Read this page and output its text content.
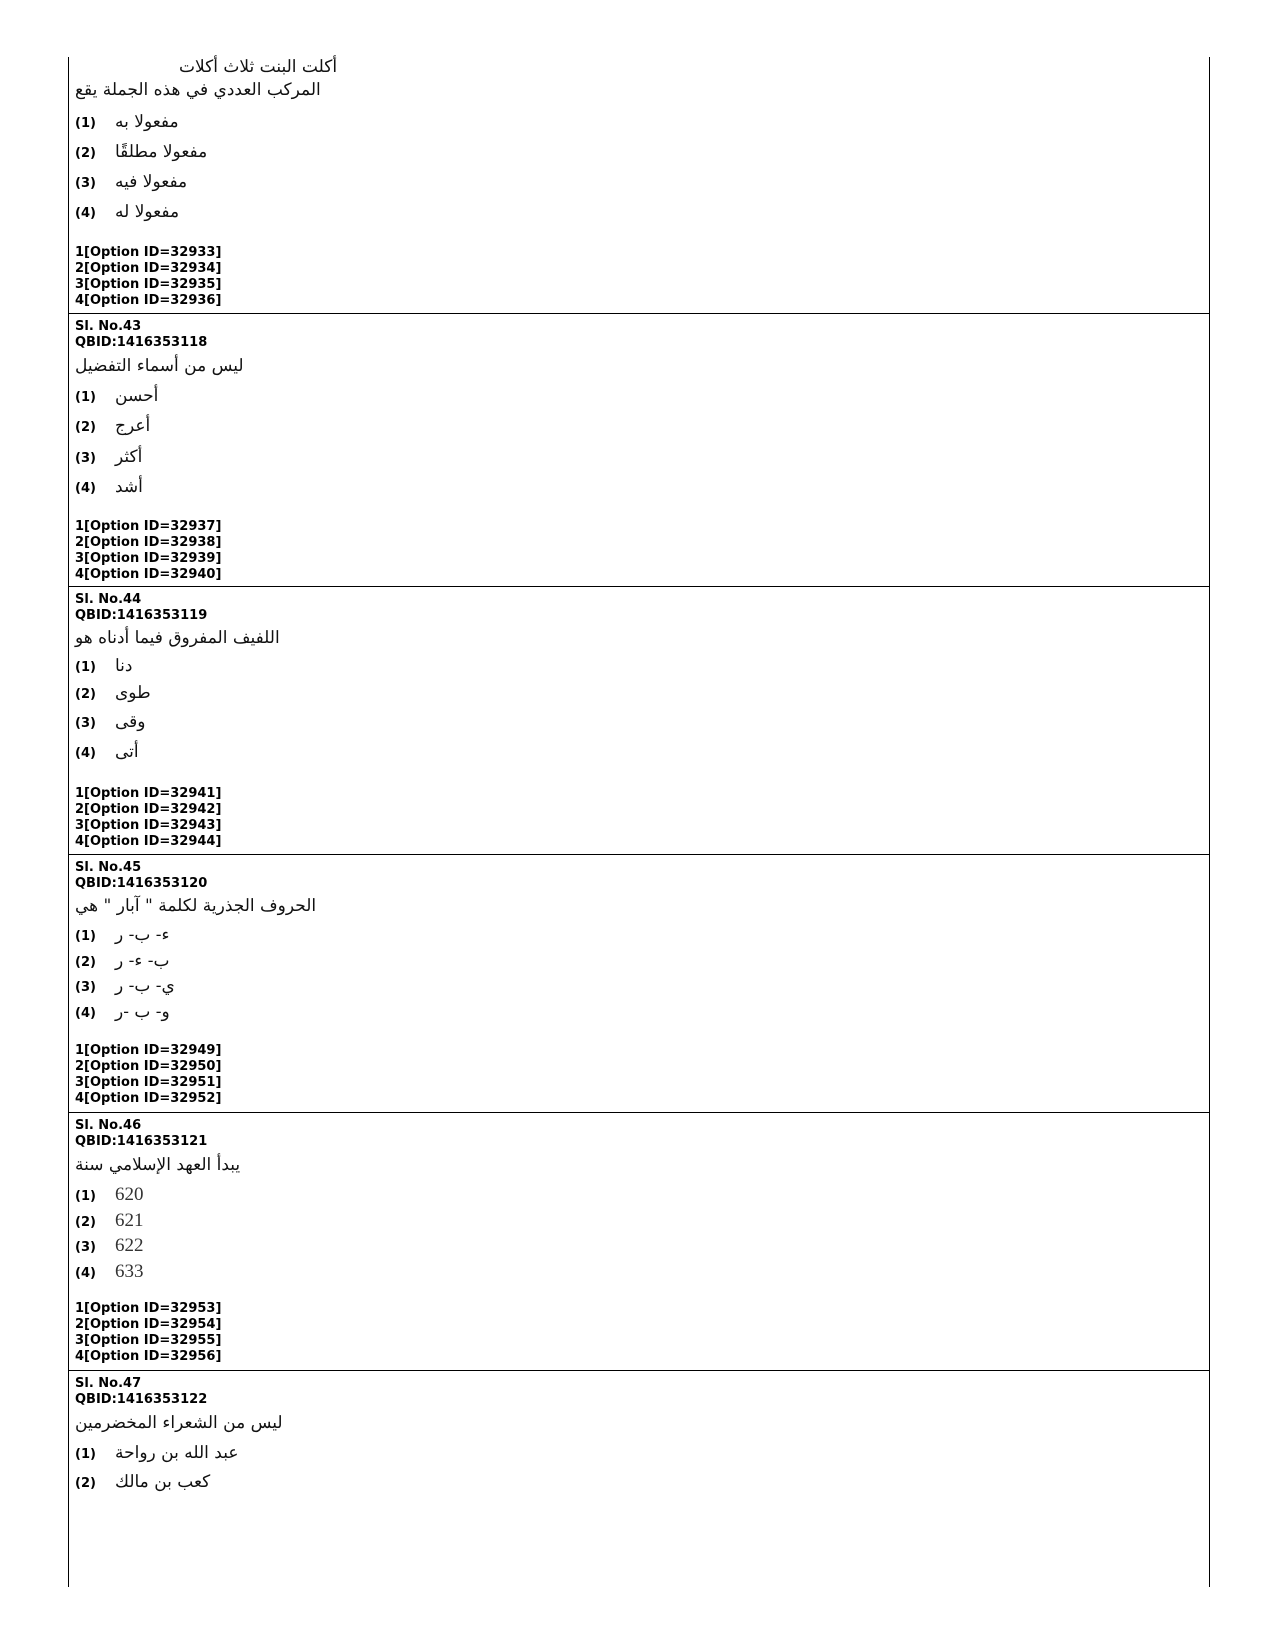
أكلت البنت ثلاث أكلات
المركب العددي في هذه الجملة يقع
(1) مفعولا به
(2) مفعولا مطلقًا
(3) مفعولا فيه
(4) مفعولا له
1[Option ID=32933]
2[Option ID=32934]
3[Option ID=32935]
4[Option ID=32936]
Sl. No.43
QBID:1416353118
ليس من أسماء التفضيل
(1) أحسن
(2) أعرج
(3) أكثر
(4) أشد
1[Option ID=32937]
2[Option ID=32938]
3[Option ID=32939]
4[Option ID=32940]
Sl. No.44
QBID:1416353119
اللفيف المفروق فيما أدناه هو
(1) دنا
(2) طوى
(3) وقى
(4) أتى
1[Option ID=32941]
2[Option ID=32942]
3[Option ID=32943]
4[Option ID=32944]
Sl. No.45
QBID:1416353120
الحروف الجذرية لكلمة " آبار " هي
(1) ء- ب- ر
(2) ب- ء- ر
(3) ي- ب- ر
(4) و- ب -ر
1[Option ID=32949]
2[Option ID=32950]
3[Option ID=32951]
4[Option ID=32952]
Sl. No.46
QBID:1416353121
يبدأ العهد الإسلامي سنة
(1) 620
(2) 621
(3) 622
(4) 633
1[Option ID=32953]
2[Option ID=32954]
3[Option ID=32955]
4[Option ID=32956]
Sl. No.47
QBID:1416353122
ليس من الشعراء المخضرمين
(1) عبد الله بن رواحة
(2) كعب بن مالك
